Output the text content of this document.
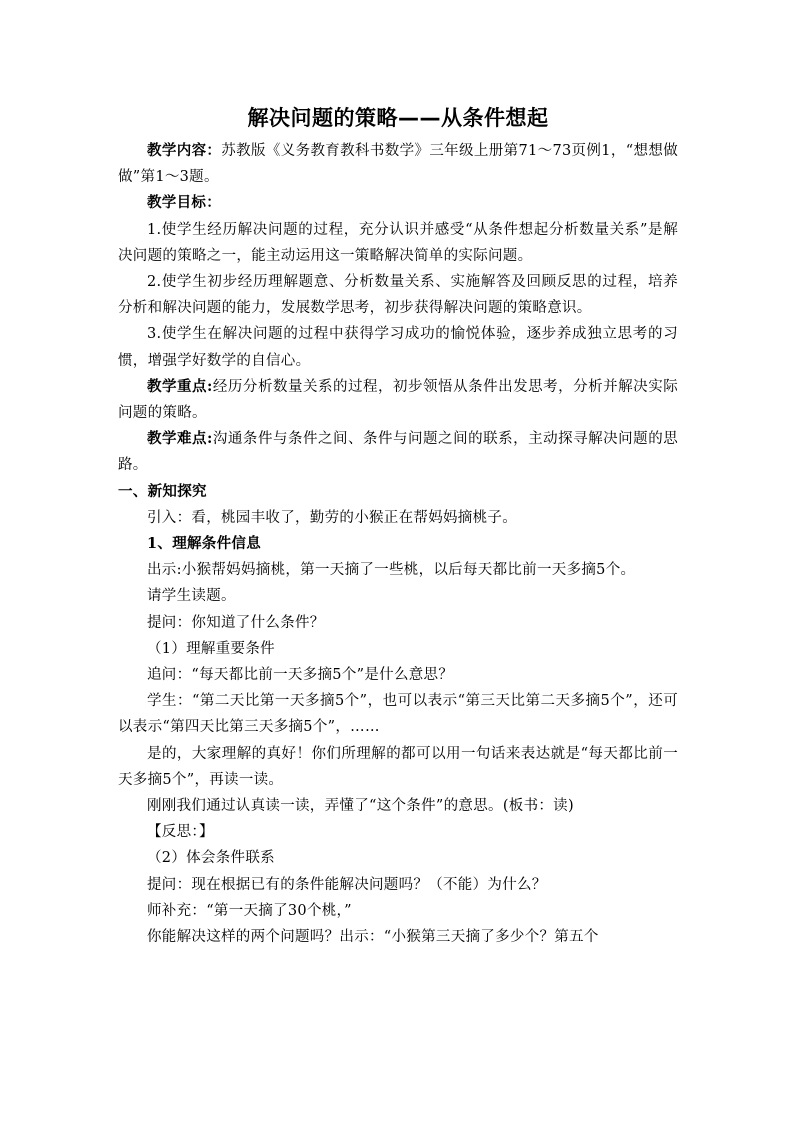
解决问题的策略——从条件想起

教学内容：苏教版《义务教育教科书数学》三年级上册第71～73页例1，“想想做做”第1～3题。

教学目标：

1.使学生经历解决问题的过程，充分认识并感受“从条件想起分析数量关系”是解决问题的策略之一，能主动运用这一策略解决简单的实际问题。

2.使学生初步经历理解题意、分析数量关系、实施解答及回顾反思的过程，培养分析和解决问题的能力，发展数学思考，初步获得解决问题的策略意识。

3.使学生在解决问题的过程中获得学习成功的愉悦体验，逐步养成独立思考的习惯，增强学好数学的自信心。

教学重点:经历分析数量关系的过程，初步领悟从条件出发思考，分析并解决实际问题的策略。

教学难点:沟通条件与条件之间、条件与问题之间的联系，主动探寻解决问题的思路。

一、新知探究

引入：看，桃园丰收了，勤劳的小猴正在帮妈妈摘桃子。

1、理解条件信息

出示:小猴帮妈妈摘桃，第一天摘了一些桃，以后每天都比前一天多摘5个。

请学生读题。

提问：你知道了什么条件？

（1）理解重要条件

追问：“每天都比前一天多摘5个”是什么意思？

学生：“第二天比第一天多摘5个”，也可以表示“第三天比第二天多摘5个”，还可以表示“第四天比第三天多摘5个”，……

是的，大家理解的真好！你们所理解的都可以用一句话来表达就是“每天都比前一天多摘5个”，再读一读。

刚刚我们通过认真读一读，弄懂了“这个条件”的意思。(板书：读)

【反思：】

（2）体会条件联系

提问：现在根据已有的条件能解决问题吗？（不能）为什么？

师补充：“第一天摘了30个桃，”

你能解决这样的两个问题吗？出示：“小猴第三天摘了多少个？第五个
